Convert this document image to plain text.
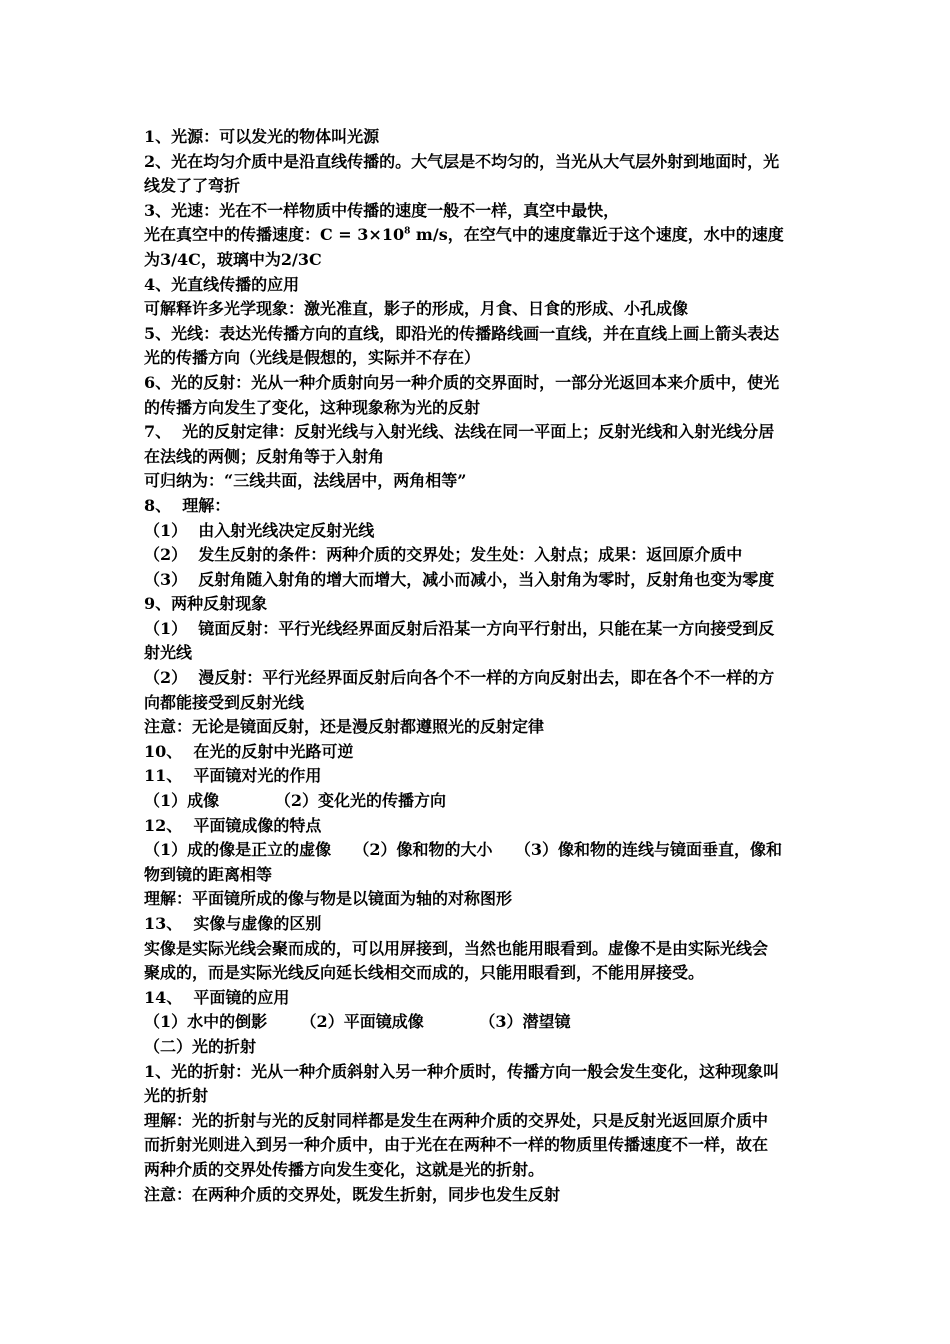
1、光源：可以发光的物体叫光源
2、光在均匀介质中是沿直线传播的。大气层是不均匀的，当光从大气层外射到地面时，光
线发了了弯折
3、光速：光在不一样物质中传播的速度一般不一样，真空中最快，
光在真空中的传播速度：$C = 3\times 10^8$ m/s，在空气中的速度靠近于这个速度，水中的速度
为3/4C，玻璃中为2/3C
4、光直线传播的应用
可解释许多光学现象：激光准直，影子的形成，月食、日食的形成、小孔成像
5、光线：表达光传播方向的直线，即沿光的传播路线画一直线，并在直线上画上箭头表达
光的传播方向（光线是假想的，实际并不存在）
6、光的反射：光从一种介质射向另一种介质的交界面时，一部分光返回本来介质中，使光
的传播方向发生了变化，这种现象称为光的反射
7、  光的反射定律：反射光线与入射光线、法线在同一平面上；反射光线和入射光线分居
在法线的两侧；反射角等于入射角
可归纳为：“三线共面，法线居中，两角相等”
8、  理解：
（1）  由入射光线决定反射光线
（2）  发生反射的条件：两种介质的交界处；发生处：入射点；成果：返回原介质中
（3）  反射角随入射角的增大而增大，减小而减小，当入射角为零时，反射角也变为零度
9、两种反射现象
（1）  镜面反射：平行光线经界面反射后沿某一方向平行射出，只能在某一方向接受到反
射光线
（2）  漫反射：平行光经界面反射后向各个不一样的方向反射出去，即在各个不一样的方
向都能接受到反射光线
注意：无论是镜面反射，还是漫反射都遵照光的反射定律
10、  在光的反射中光路可逆
11、  平面镜对光的作用
（1）成像          （2）变化光的传播方向
12、  平面镜成像的特点
（1）成的像是正立的虚像    （2）像和物的大小    （3）像和物的连线与镜面垂直，像和
物到镜的距离相等
理解：平面镜所成的像与物是以镜面为轴的对称图形
13、  实像与虚像的区别
实像是实际光线会聚而成的，可以用屏接到，当然也能用眼看到。虚像不是由实际光线会
聚成的，而是实际光线反向延长线相交而成的，只能用眼看到，不能用屏接受。
14、  平面镜的应用
（1）水中的倒影      （2）平面镜成像          （3）潜望镜
（二）光的折射
1、光的折射：光从一种介质斜射入另一种介质时，传播方向一般会发生变化，这种现象叫
光的折射
理解：光的折射与光的反射同样都是发生在两种介质的交界处，只是反射光返回原介质中
而折射光则进入到另一种介质中，由于光在在两种不一样的物质里传播速度不一样，故在
两种介质的交界处传播方向发生变化，这就是光的折射。
注意：在两种介质的交界处，既发生折射，同步也发生反射
